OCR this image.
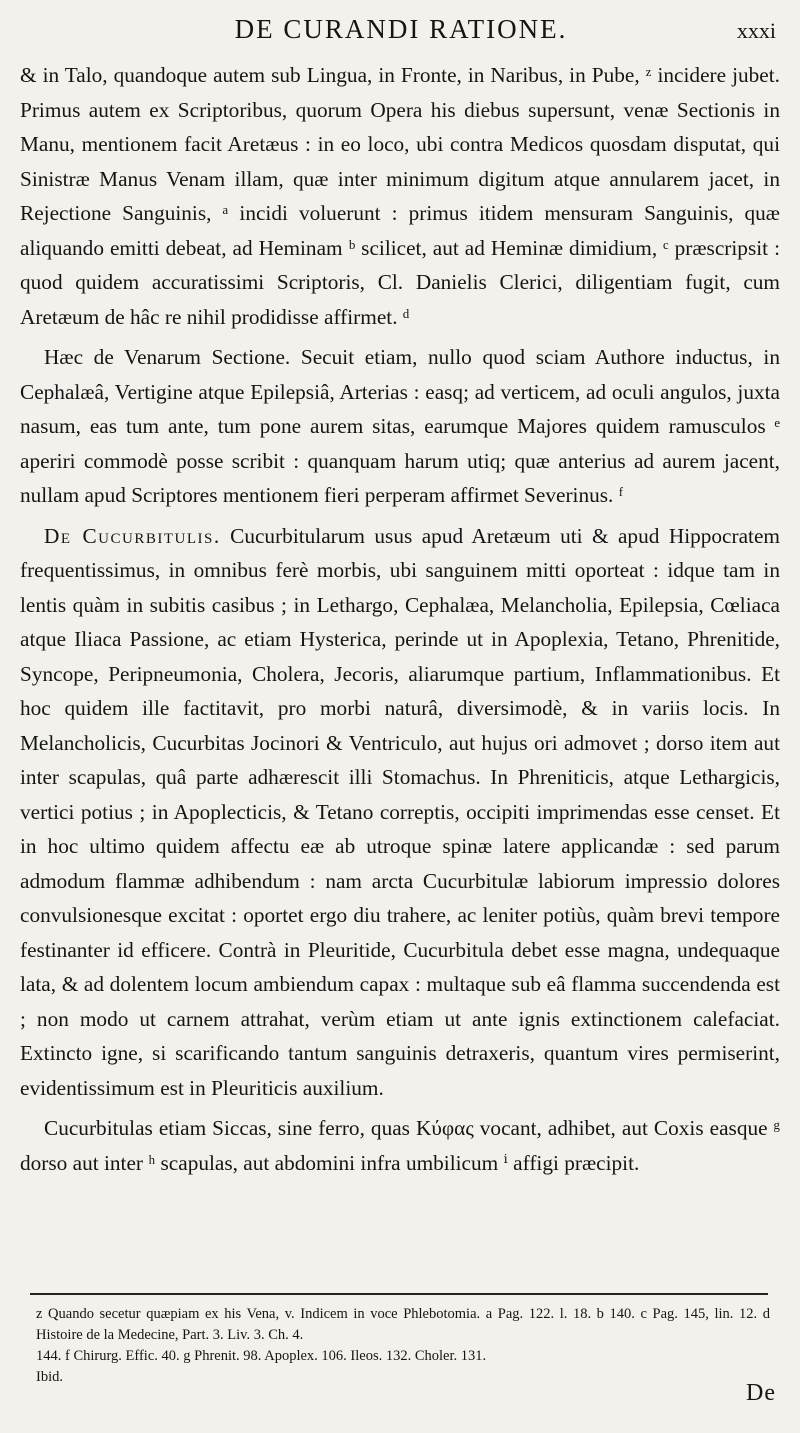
DE CURANDI RATIONE.	xxxi

& in Talo, quandoque autem sub Lingua, in Fronte, in Naribus, in Pube, ᶻ incidere jubet. Primus autem ex Scriptoribus, quorum Opera his diebus supersunt, venæ Sectionis in Manu, mentionem facit Aretæus : in eo loco, ubi contra Medicos quosdam disputat, qui Sinistræ Manus Venam illam, quæ inter minimum digitum atque annularem jacet, in Rejectione Sanguinis, ᵃ incidi voluerunt : primus itidem mensuram Sanguinis, quæ aliquando emitti debeat, ad Heminam ᵇ scilicet, aut ad Heminæ dimidium, ᶜ præscripsit : quod quidem accuratissimi Scriptoris, Cl. Danielis Clerici, diligentiam fugit, cum Aretæum de hâc re nihil prodidisse affirmet. ᵈ

Hæc de Venarum Sectione. Secuit etiam, nullo quod sciam Authore inductus, in Cephalæâ, Vertigine atque Epilepsiâ, Arterias : easq; ad verticem, ad oculi angulos, juxta nasum, eas tum ante, tum pone aurem sitas, earumque Majores quidem ramusculos ᵉ aperiri commodè posse scribit : quanquam harum utiq; quæ anterius ad aurem jacent, nullam apud Scriptores mentionem fieri perperam affirmet Severinus. ᶠ

De Cucurbitulis. Cucurbitularum usus apud Aretæum uti & apud Hippocratem frequentissimus, in omnibus ferè morbis, ubi sanguinem mitti oporteat : idque tam in lentis quàm in subitis casibus ; in Lethargo, Cephalæa, Melancholia, Epilepsia, Cœliaca atque Iliaca Passione, ac etiam Hysterica, perinde ut in Apoplexia, Tetano, Phrenitide, Syncope, Peripneumonia, Cholera, Jecoris, aliarumque partium, Inflammationibus. Et hoc quidem ille factitavit, pro morbi naturâ, diversimodè, & in variis locis. In Melancholicis, Cucurbitas Jocinori & Ventriculo, aut hujus ori admovet ; dorso item aut inter scapulas, quâ parte adhæresсit illi Stomachus. In Phreniticis, atque Lethargicis, vertici potius ; in Apoplecticis, & Tetano correptis, occipiti imprimendas esse censet. Et in hoc ultimo quidem affectu eæ ab utroque spinæ latere applicandæ : sed parum admodum flammæ adhibendum : nam arcta Cucurbitulæ labiorum impressio dolores convulsionesque excitat : oportet ergo diu trahere, ac leniter potiùs, quàm brevi tempore festinanter id efficere. Contrà in Pleuritide, Cucurbitula debet esse magna, undequaque lata, & ad dolentem locum ambiendum capax : multaque sub eâ flamma succendenda est ; non modo ut carnem attrahat, verùm etiam ut ante ignis extinctionem calefaciat. Extincto igne, si scarificando tantum sanguinis detraxeris, quantum vires permiserint, evidentissimum est in Pleuriticis auxilium.

Cucurbitulas etiam Siccas, sine ferro, quas Κύφας vocant, adhibet, aut Coxis easque ᵍ dorso aut inter ʰ scapulas, aut abdomini infra umbilicum ⁱ affigi præcipit.

z Quando secetur quæpiam ex his Vena, v. Indicem in voce Phlebotomia. a Pag. 122. l. 18. b 140. c Pag. 145, lin. 12. d Histoire de la Medecine, Part. 3. Liv. 3. Ch. 4.
144. f Chirurg. Effic. 40. g Phrenit. 98. Apoplex. 106. Ileos. 132. Choler. 131.
Ibid.
De
